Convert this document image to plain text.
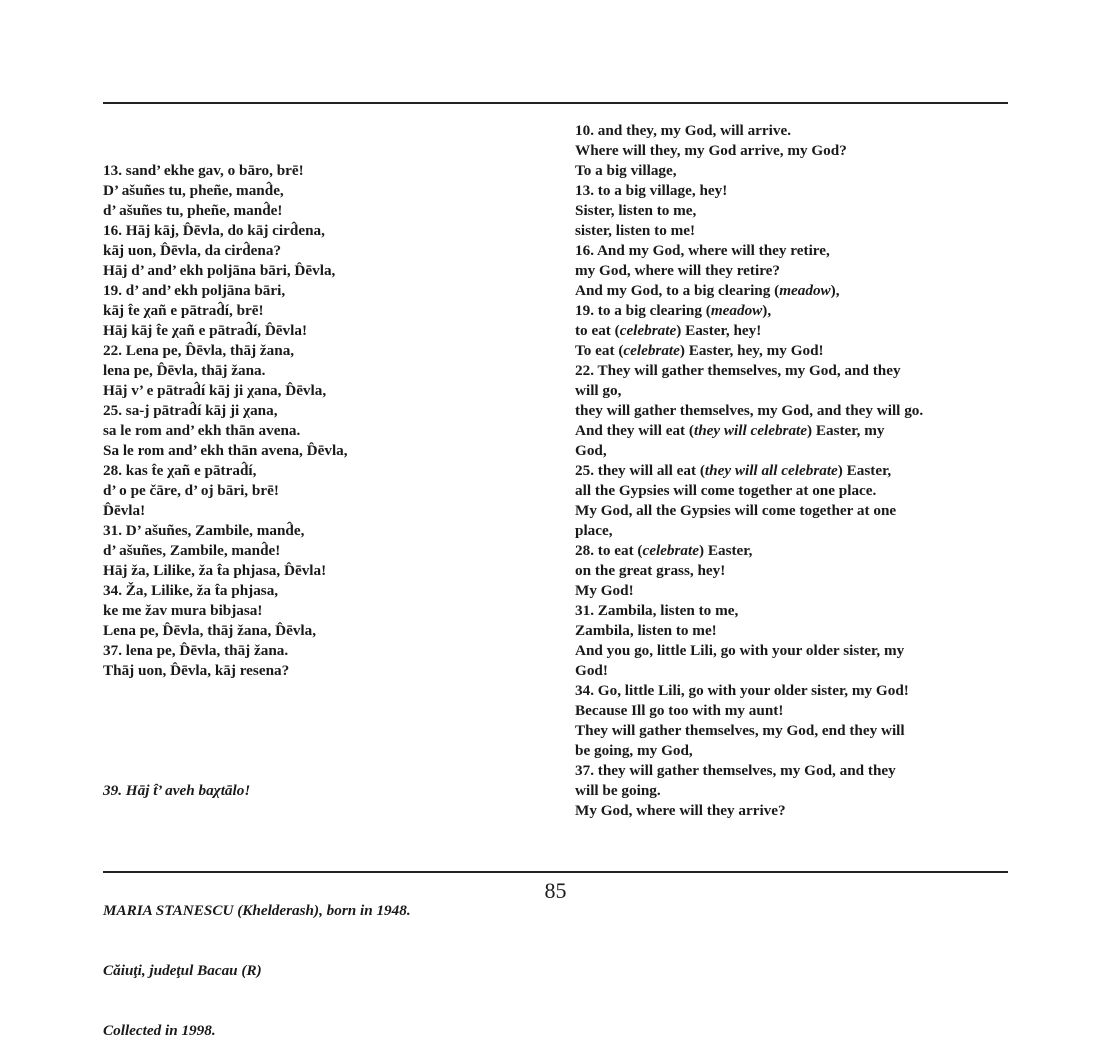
13. sand’ ekhe gav, o bāro, brē!
D’ ašuñes tu, pheñe, mand̂e,
d’ ašuñes tu, pheñe, mand̂e!
16. Hāj kāj, D̂ēvla, do kāj cird̂ena,
kāj uon, D̂ēvla, da cird̂ena?
Hāj d’ and’ ekh poljāna bāri, D̂ēvla,
19. d’ and’ ekh poljāna bāri,
kāj t̂e χañ e pātrad̂í, brē!
Hāj kāj t̂e χañ e pātrad̂í, D̂ēvla!
22. Lena pe, D̂ēvla, thāj žana,
lena pe, D̂ēvla, thāj žana.
Hāj v’ e pātrad̂í kāj ji χana, D̂ēvla,
25. sa-j pātrad̂í kāj ji χana,
sa le rom and’ ekh thān avena.
Sa le rom and’ ekh thān avena, D̂ēvla,
28. kas t̂e χañ e pātrad̂í,
d’ o pe čāre, d’ oj bāri, brē!
D̂ēvla!
31. D’ ašuñes, Zambile, mand̂e,
d’ ašuñes, Zambile, mand̂e!
Hāj ža, Lilike, ža t̂a phjasa, D̂ēvla!
34. Ža, Lilike, ža t̂a phjasa,
ke me žav mura bibjasa!
Lena pe, D̂ēvla, thāj žana, D̂ēvla,
37. lena pe, D̂ēvla, thāj žana.
Thāj uon, D̂ēvla, kāj resena?

39. Hāj t̂’ aveh baχtālo!

MARIA STANESCU (Khelderash), born in 1948.

Căiuţi, judeţul Bacau (R)

Collected in 1998.

10. and they, my God, will arrive.
Where will they, my God arrive, my God?
To a big village,
13. to a big village, hey!
Sister, listen to me,
sister, listen to me!
16. And my God, where will they retire,
my God, where will they retire?
And my God, to a big clearing (meadow),
19. to a big clearing (meadow),
to eat (celebrate) Easter, hey!
To eat (celebrate) Easter, hey, my God!
22. They will gather themselves, my God, and they
will go,
they will gather themselves, my God, and they will go.
And they will eat (they will celebrate) Easter, my
God,
25. they will all eat (they will all celebrate) Easter,
all the Gypsies will come together at one place.
My God, all the Gypsies will come together at one
place,
28. to eat (celebrate) Easter,
on the great grass, hey!
My God!
31. Zambila, listen to me,
Zambila, listen to me!
And you go, little Lili, go with your older sister, my
God!
34. Go, little Lili, go with your older sister, my God!
Because Ill go too with my aunt!
They will gather themselves, my God, end they will
be going, my God,
37. they will gather themselves, my God, and they
will be going.
My God, where will they arrive?
85
